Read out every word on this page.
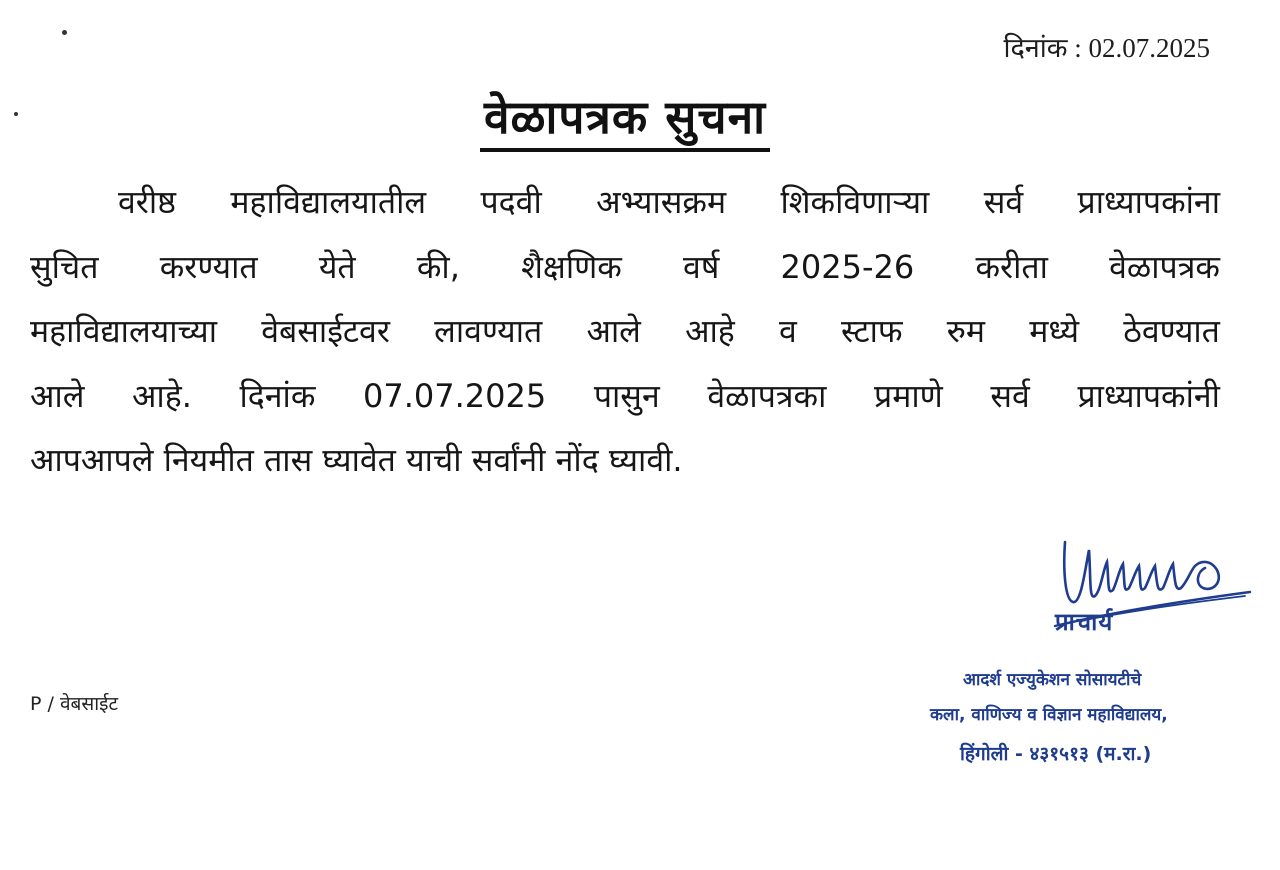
दिनांक : 02.07.2025
वेळापत्रक सुचना
वरीष्ठ महाविद्यालयातील पदवी अभ्यासक्रम शिकविणाऱ्या सर्व प्राध्यापकांना
सुचित करण्यात येते की, शैक्षणिक वर्ष 2025-26 करीता वेळापत्रक
महाविद्यालयाच्या वेबसाईटवर लावण्यात आले आहे व स्टाफ रुम मध्ये ठेवण्यात
आले आहे. दिनांक 07.07.2025 पासुन वेळापत्रका प्रमाणे सर्व प्राध्यापकांनी
आपआपले नियमीत तास घ्यावेत याची सर्वांनी नोंद घ्यावी.
P / वेबसाईट
प्राचार्य
आदर्श एज्युकेशन सोसायटीचे
कला, वाणिज्य व विज्ञान महाविद्यालय,
हिंगोली - ४३१५१३ (म.रा.)
